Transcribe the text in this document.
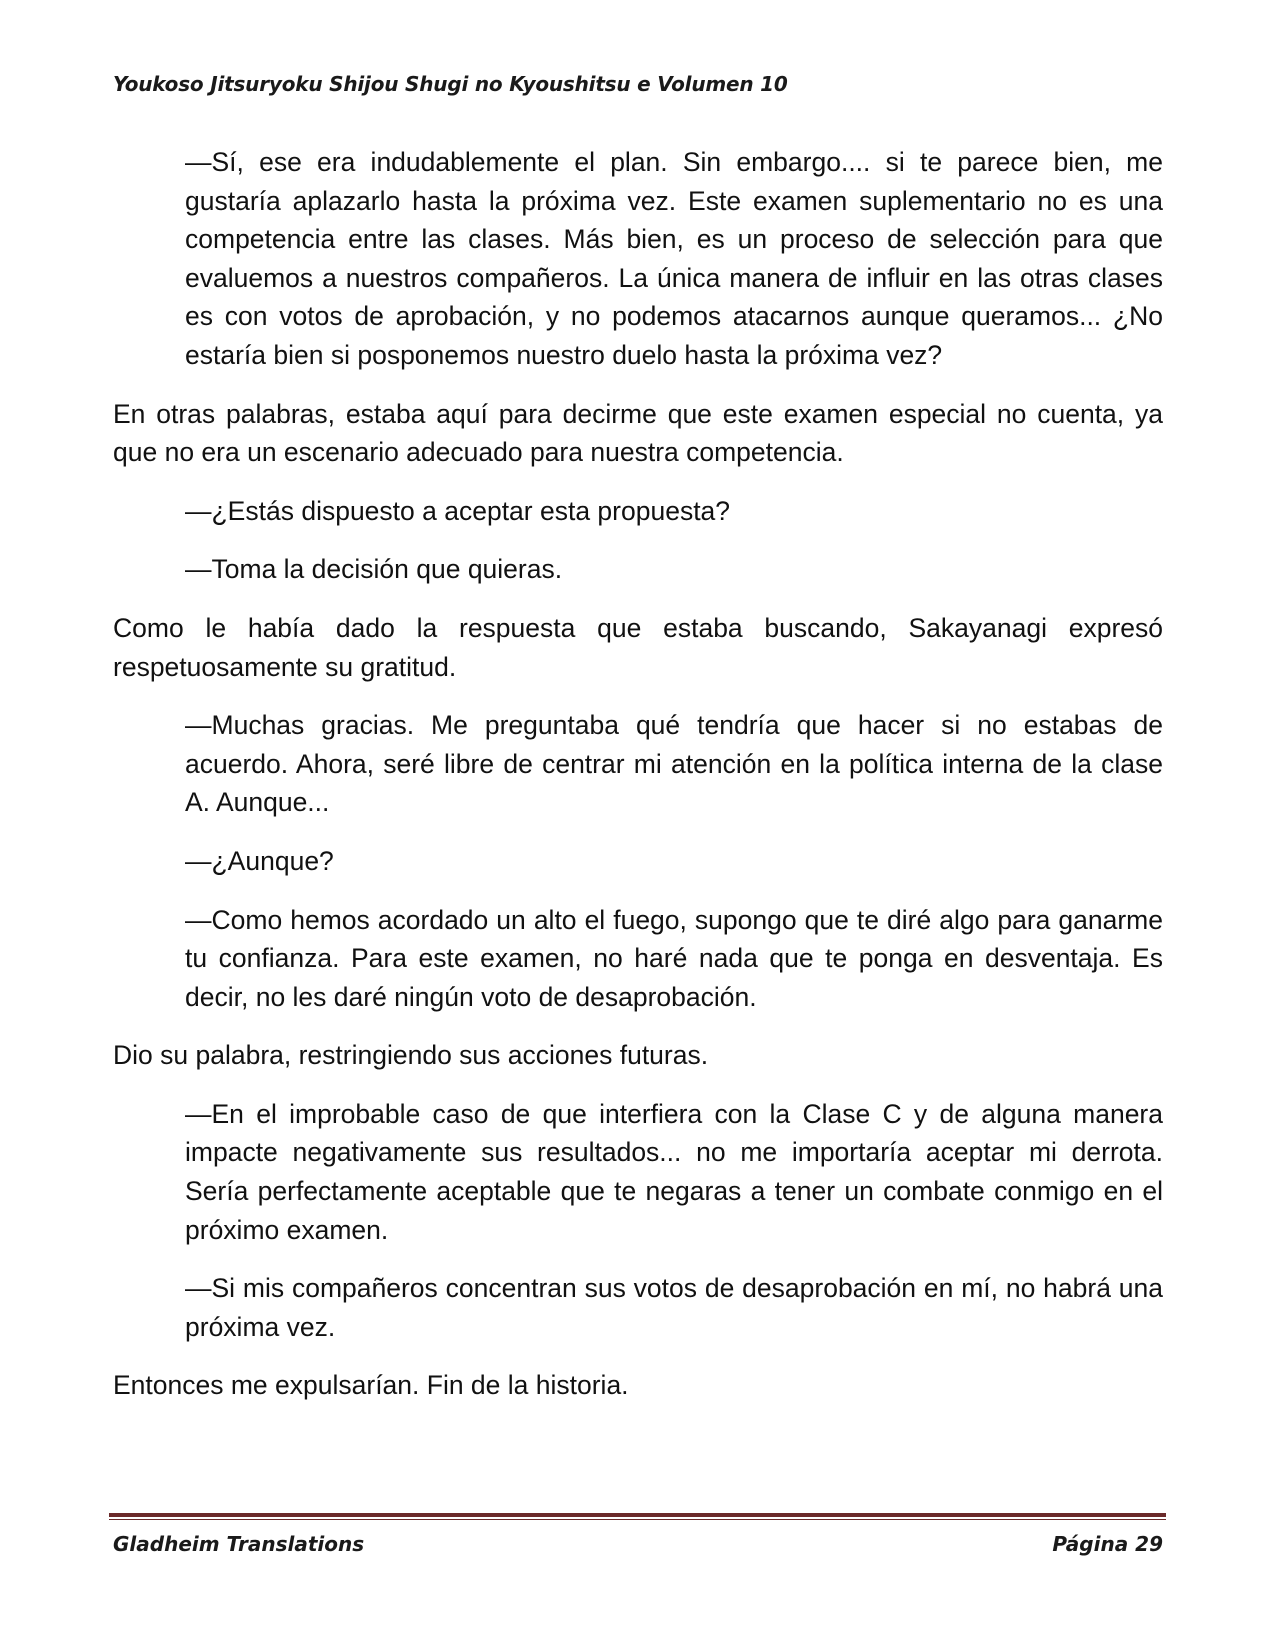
Youkoso Jitsuryoku Shijou Shugi no Kyoushitsu e Volumen 10

—Sí, ese era indudablemente el plan. Sin embargo.... si te parece bien, me gustaría aplazarlo hasta la próxima vez. Este examen suplementario no es una competencia entre las clases. Más bien, es un proceso de selección para que evaluemos a nuestros compañeros. La única manera de influir en las otras clases es con votos de aprobación, y no podemos atacarnos aunque queramos... ¿No estaría bien si posponemos nuestro duelo hasta la próxima vez?

En otras palabras, estaba aquí para decirme que este examen especial no cuenta, ya que no era un escenario adecuado para nuestra competencia.

—¿Estás dispuesto a aceptar esta propuesta?

—Toma la decisión que quieras.

Como le había dado la respuesta que estaba buscando, Sakayanagi expresó respetuosamente su gratitud.

—Muchas gracias. Me preguntaba qué tendría que hacer si no estabas de acuerdo. Ahora, seré libre de centrar mi atención en la política interna de la clase A. Aunque...

—¿Aunque?

—Como hemos acordado un alto el fuego, supongo que te diré algo para ganarme tu confianza. Para este examen, no haré nada que te ponga en desventaja. Es decir, no les daré ningún voto de desaprobación.

Dio su palabra, restringiendo sus acciones futuras.

—En el improbable caso de que interfiera con la Clase C y de alguna manera impacte negativamente sus resultados... no me importaría aceptar mi derrota. Sería perfectamente aceptable que te negaras a tener un combate conmigo en el próximo examen.

—Si mis compañeros concentran sus votos de desaprobación en mí, no habrá una próxima vez.

Entonces me expulsarían. Fin de la historia.

Gladheim Translations	Página 29
